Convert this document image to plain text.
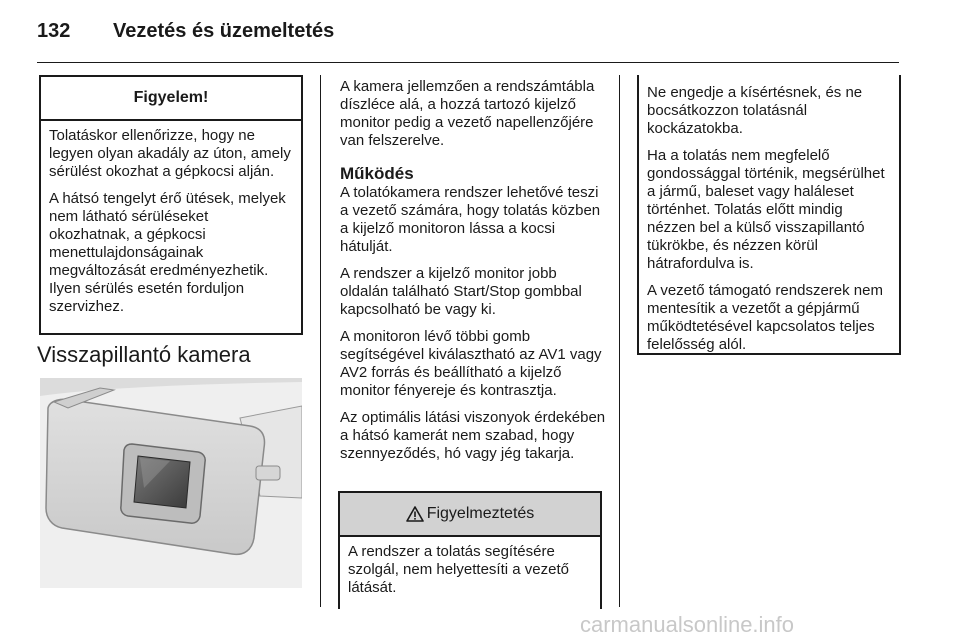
132 Vezetés és üzemeltetés
Figyelem!

Tolatáskor ellenőrizze, hogy ne legyen olyan akadály az úton, amely sérülést okozhat a gépkocsi alján.

A hátsó tengelyt érő ütések, melyek nem látható sérüléseket okozhatnak, a gépkocsi menettulajdonságainak megváltozását eredményezhetik. Ilyen sérülés esetén forduljon szervizhez.

Visszapillantó kamera

A kamera jellemzően a rendszámtábla díszléce alá, a hozzá tartozó kijelző monitor pedig a vezető napellenzőjére van felszerelve.

Működés

A tolatókamera rendszer lehetővé teszi a vezető számára, hogy tolatás közben a kijelző monitoron lássa a kocsi hátulját.

A rendszer a kijelző monitor jobb oldalán található Start/Stop gombbal kapcsolható be vagy ki.

A monitoron lévő többi gomb segítségével kiválasztható az AV1 vagy AV2 forrás és beállítható a kijelző monitor fényereje és kontrasztja.

Az optimális látási viszonyok érdekében a hátsó kamerát nem szabad, hogy szennyeződés, hó vagy jég takarja.

Figyelmeztetés

A rendszer a tolatás segítésére szolgál, nem helyettesíti a vezető látását.

Ne engedje a kísértésnek, és ne bocsátkozzon tolatásnál kockázatokba.

Ha a tolatás nem megfelelő gondossággal történik, megsérülhet a jármű, baleset vagy haláleset történhet. Tolatás előtt mindig nézzen bel a külső visszapillantó tükrökbe, és nézzen körül hátrafordulva is.

A vezető támogató rendszerek nem mentesítik a vezetőt a gépjármű működtetésével kapcsolatos teljes felelősség alól.

carmanualsonline.info
